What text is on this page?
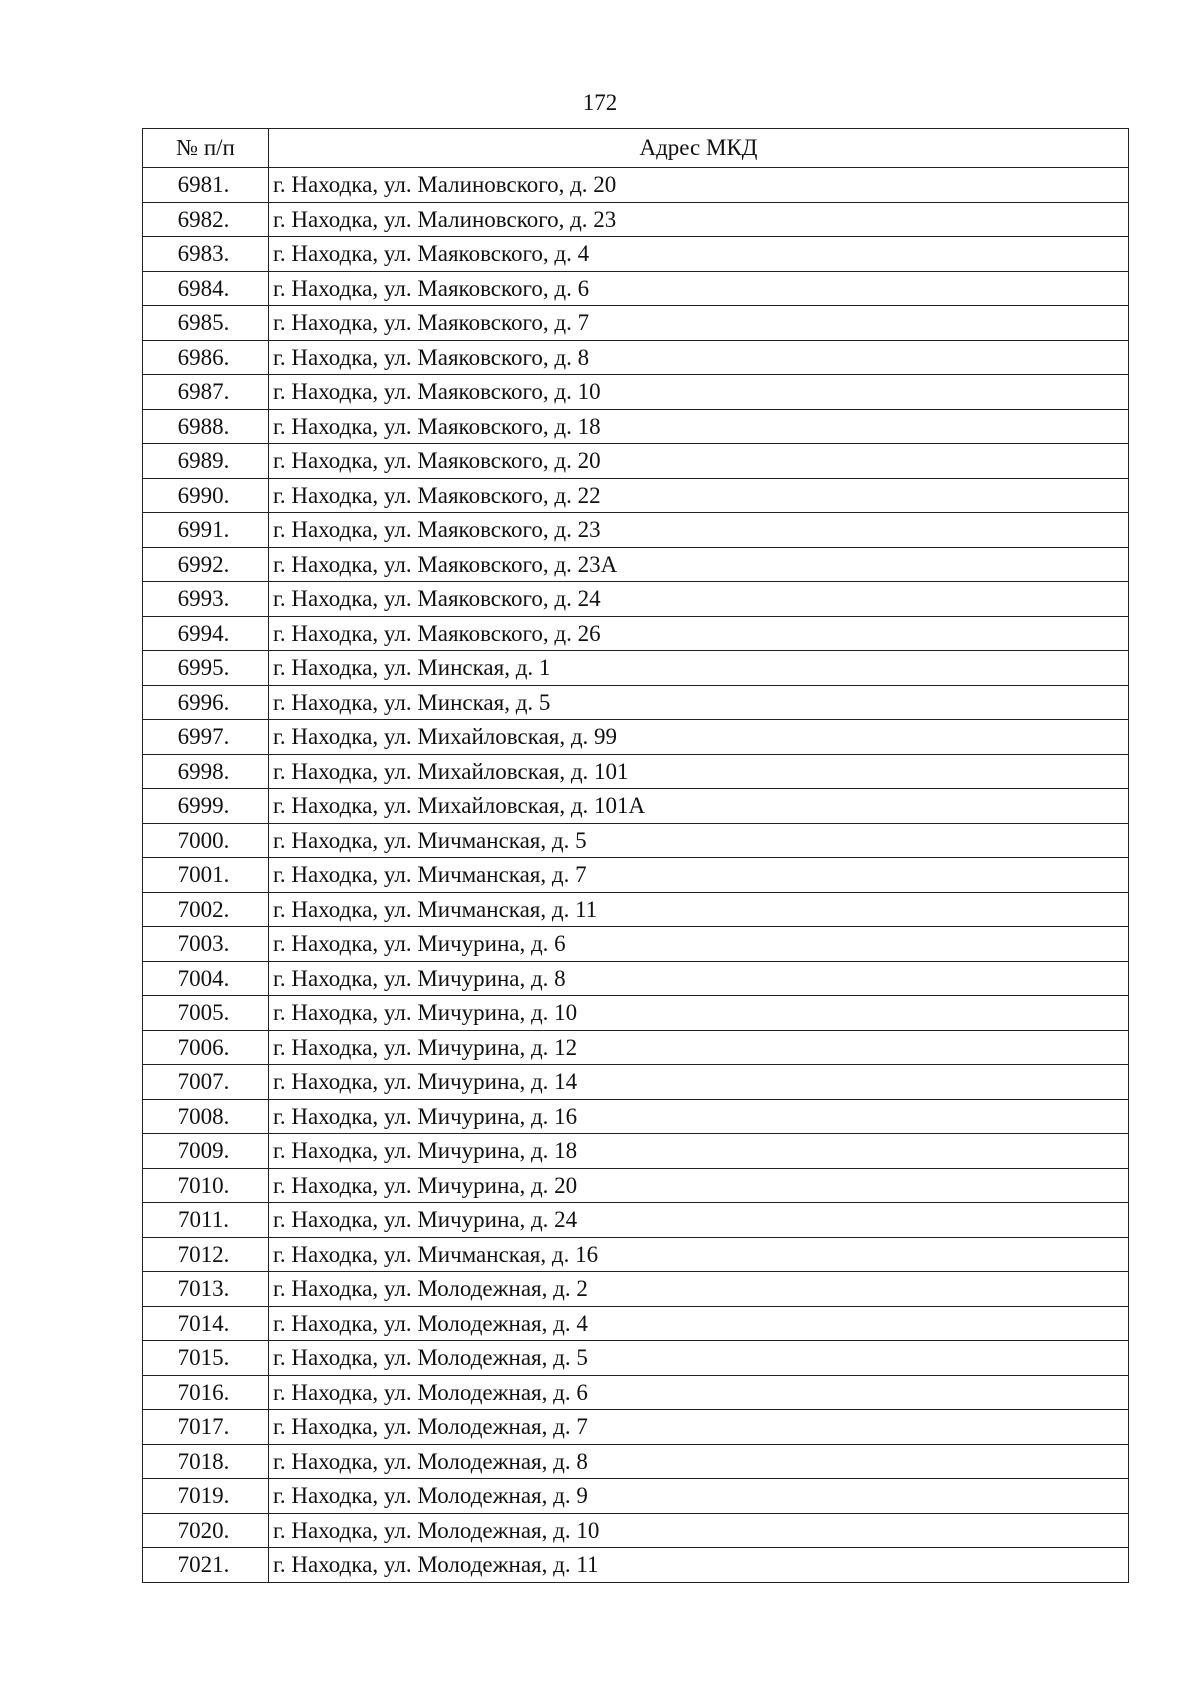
172
№ п/п	Адрес МКД
6981.	г. Находка, ул. Малиновского, д. 20
6982.	г. Находка, ул. Малиновского, д. 23
6983.	г. Находка, ул. Маяковского, д. 4
6984.	г. Находка, ул. Маяковского, д. 6
6985.	г. Находка, ул. Маяковского, д. 7
6986.	г. Находка, ул. Маяковского, д. 8
6987.	г. Находка, ул. Маяковского, д. 10
6988.	г. Находка, ул. Маяковского, д. 18
6989.	г. Находка, ул. Маяковского, д. 20
6990.	г. Находка, ул. Маяковского, д. 22
6991.	г. Находка, ул. Маяковского, д. 23
6992.	г. Находка, ул. Маяковского, д. 23А
6993.	г. Находка, ул. Маяковского, д. 24
6994.	г. Находка, ул. Маяковского, д. 26
6995.	г. Находка, ул. Минская, д. 1
6996.	г. Находка, ул. Минская, д. 5
6997.	г. Находка, ул. Михайловская, д. 99
6998.	г. Находка, ул. Михайловская, д. 101
6999.	г. Находка, ул. Михайловская, д. 101А
7000.	г. Находка, ул. Мичманская, д. 5
7001.	г. Находка, ул. Мичманская, д. 7
7002.	г. Находка, ул. Мичманская, д. 11
7003.	г. Находка, ул. Мичурина, д. 6
7004.	г. Находка, ул. Мичурина, д. 8
7005.	г. Находка, ул. Мичурина, д. 10
7006.	г. Находка, ул. Мичурина, д. 12
7007.	г. Находка, ул. Мичурина, д. 14
7008.	г. Находка, ул. Мичурина, д. 16
7009.	г. Находка, ул. Мичурина, д. 18
7010.	г. Находка, ул. Мичурина, д. 20
7011.	г. Находка, ул. Мичурина, д. 24
7012.	г. Находка, ул. Мичманская, д. 16
7013.	г. Находка, ул. Молодежная, д. 2
7014.	г. Находка, ул. Молодежная, д. 4
7015.	г. Находка, ул. Молодежная, д. 5
7016.	г. Находка, ул. Молодежная, д. 6
7017.	г. Находка, ул. Молодежная, д. 7
7018.	г. Находка, ул. Молодежная, д. 8
7019.	г. Находка, ул. Молодежная, д. 9
7020.	г. Находка, ул. Молодежная, д. 10
7021.	г. Находка, ул. Молодежная, д. 11
